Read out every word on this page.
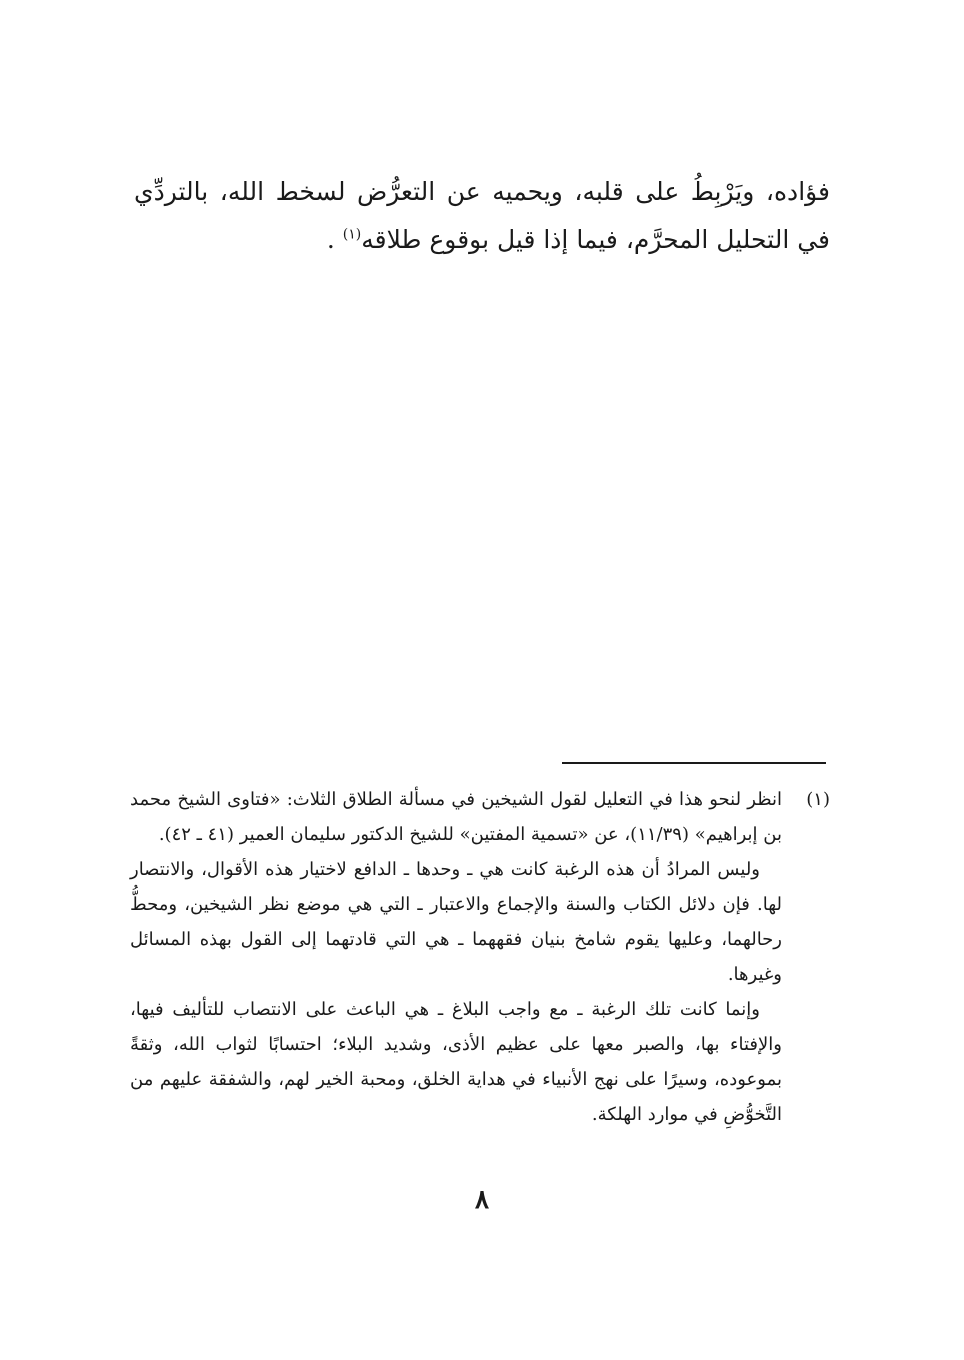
فؤاده، ويَرْبِطُ على قلبه، ويحميه عن التعرُّض لسخط الله، بالتردِّي في التحليل المحرَّم، فيما إذا قيل بوقوع طلاقه$^{(١)}$ .

(١)

انظر لنحو هذا في التعليل لقول الشيخين في مسألة الطلاق الثلاث: «فتاوى الشيخ محمد بن إبراهيم» (١١/٣٩)، عن «تسمية المفتين» للشيخ الدكتور سليمان العمير (٤١ ـ ٤٢).

وليس المرادُ أن هذه الرغبة كانت هي ـ وحدها ـ الدافع لاختيار هذه الأقوال، والانتصار لها. فإن دلائل الكتاب والسنة والإجماع والاعتبار ـ التي هي موضع نظر الشيخين، ومحطُّ رحالهما، وعليها يقوم شامخ بنيان فقههما ـ هي التي قادتهما إلى القول بهذه المسائل وغيرها.

وإنما كانت تلك الرغبة ـ مع واجب البلاغ ـ هي الباعث على الانتصاب للتأليف فيها، والإفتاء بها، والصبر معها على عظيم الأذى، وشديد البلاء؛ احتسابًا لثواب الله، وثقةً بموعوده، وسيرًا على نهج الأنبياء في هداية الخلق، ومحبة الخير لهم، والشفقة عليهم من التَّخوُّضِ في موارد الهلكة.

٨
